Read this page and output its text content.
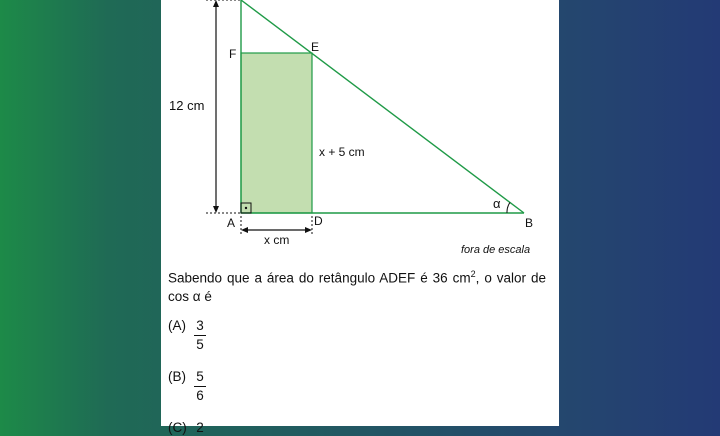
12 cm
x cm
x + 5 cm
F	E
A	D	B
α
fora de escala
Sabendo que a área do retângulo ADEF é 36 $cm^2$, o valor de cos α é
(A) 3
5
(B) 5
6
(C) 2
